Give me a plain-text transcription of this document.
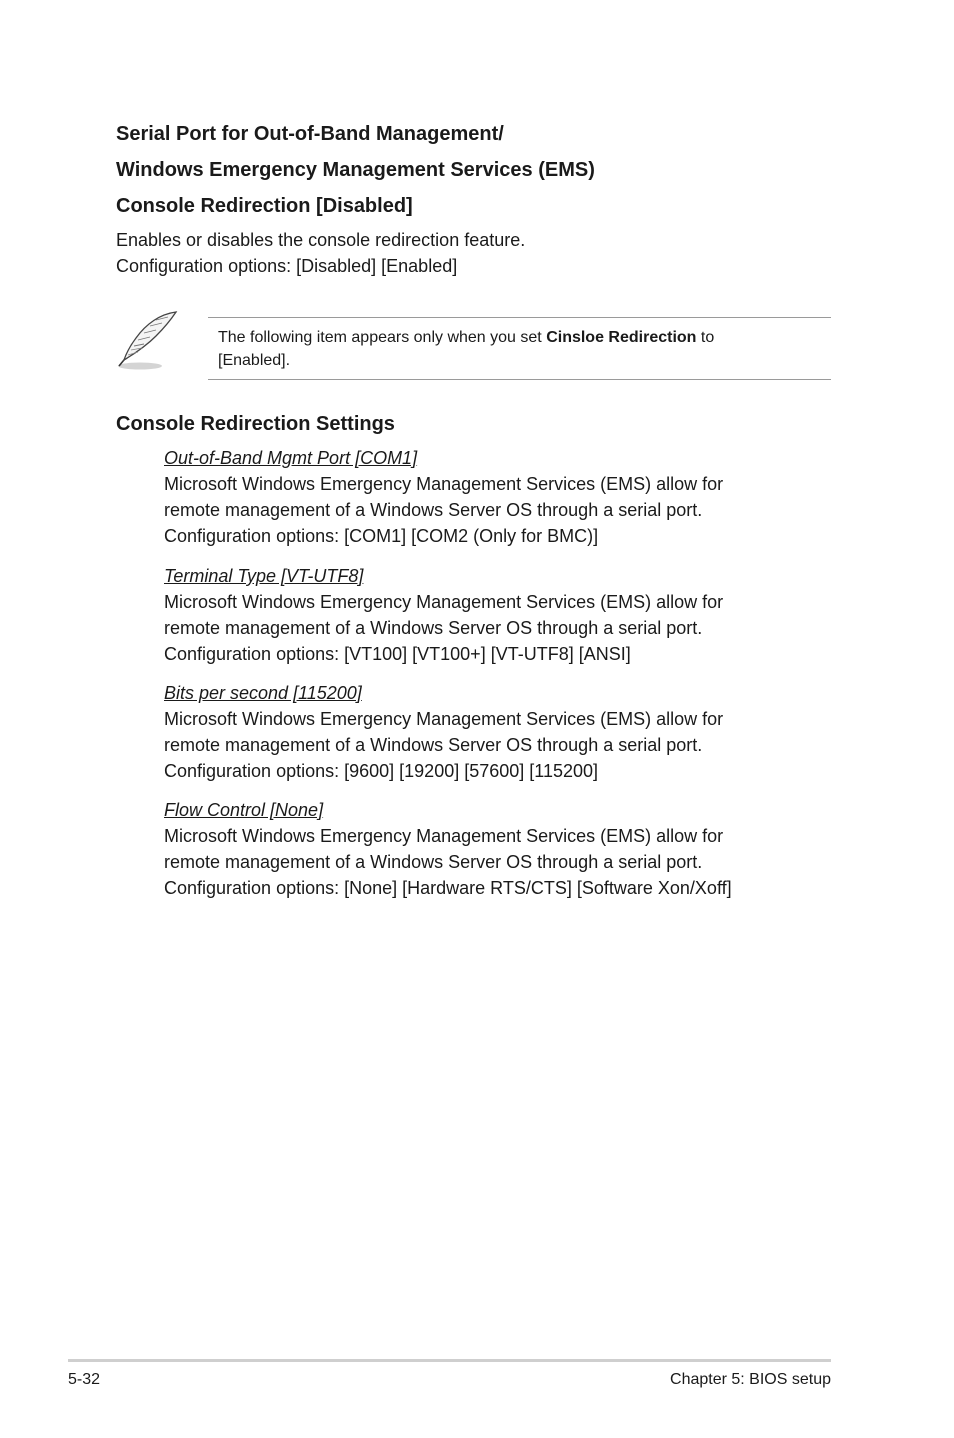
Serial Port for Out-of-Band Management/
Windows Emergency Management Services (EMS)
Console Redirection [Disabled]
Enables or disables the console redirection feature.
Configuration options: [Disabled] [Enabled]
The following item appears only when you set Cinsloe Redirection to
[Enabled].
Console Redirection Settings
Out-of-Band Mgmt Port [COM1]
Microsoft Windows Emergency Management Services (EMS) allow for
remote management of a Windows Server OS through a serial port.
Configuration options: [COM1] [COM2 (Only for BMC)]
Terminal Type [VT-UTF8]
Microsoft Windows Emergency Management Services (EMS) allow for
remote management of a Windows Server OS through a serial port.
Configuration options: [VT100] [VT100+] [VT-UTF8] [ANSI]
Bits per second [115200]
Microsoft Windows Emergency Management Services (EMS) allow for
remote management of a Windows Server OS through a serial port.
Configuration options: [9600] [19200] [57600] [115200]
Flow Control [None]
Microsoft Windows Emergency Management Services (EMS) allow for
remote management of a Windows Server OS through a serial port.
Configuration options: [None] [Hardware RTS/CTS] [Software Xon/Xoff]
5-32	Chapter 5: BIOS setup
